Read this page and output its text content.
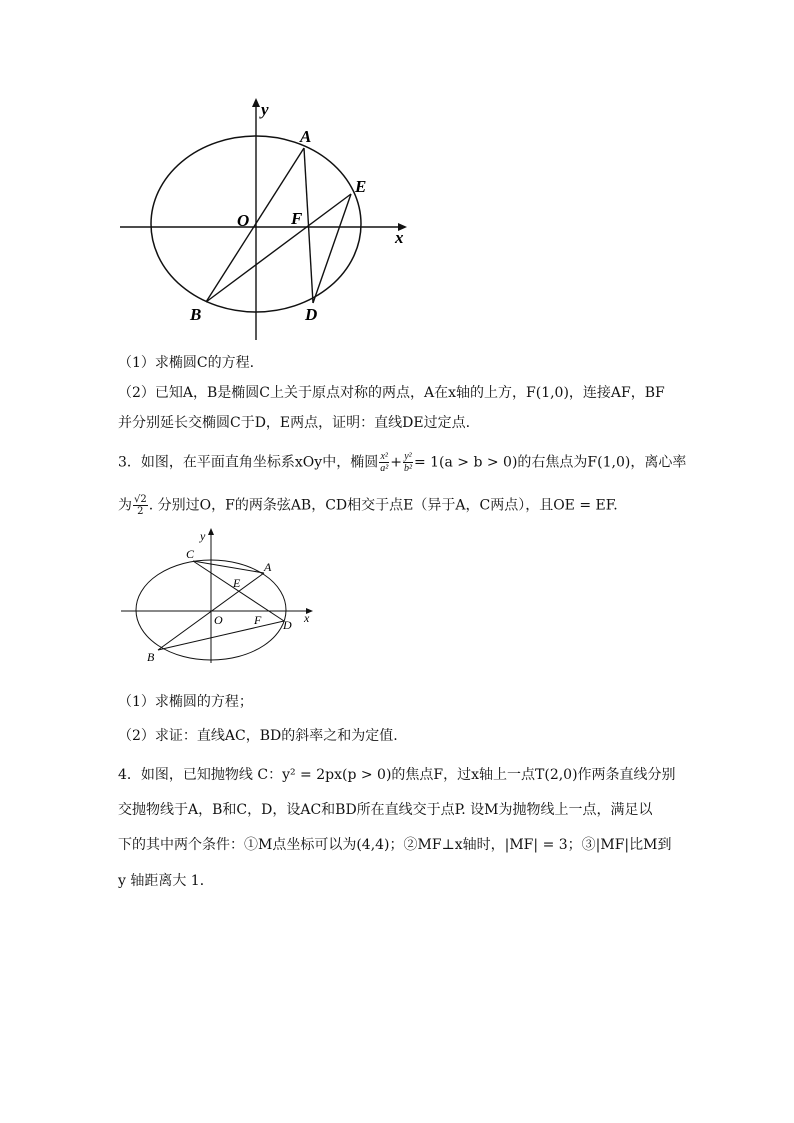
y
x
O F
A
E
B	D
（1）求椭圆C的方程.
（2）已知A，B是椭圆C上关于原点对称的两点，A在x轴的上方，F(1,0)，连接AF，BF
并分别延长交椭圆C于D，E两点，证明：直线DE过定点.
3．如图，在平面直角坐标系xOy中，椭圆 $\frac{\text{x²}}{\text{a²}} + \frac{\text{y²}}{\text{b²}} = 1(a > b > 0)$的右焦点为F(1,0)，离心率
为 $\frac{√2}{2}$ . 分别过O，F的两条弦AB，CD相交于点E（异于A，C两点），且OE = EF.
y
x
C
A
E
O	F D
B
（1）求椭圆的方程；
（2）求证：直线AC，BD的斜率之和为定值.
4．如图，已知抛物线 C：y² = 2px(p > 0)的焦点F，过x轴上一点T(2,0)作两条直线分别
交抛物线于A，B和C，D，设AC和BD所在直线交于点P. 设M为抛物线上一点，满足以
下的其中两个条件：①M点坐标可以为(4,4)；②MF⊥x轴时，|MF| = 3；③|MF|比M到
y 轴距离大 1．
